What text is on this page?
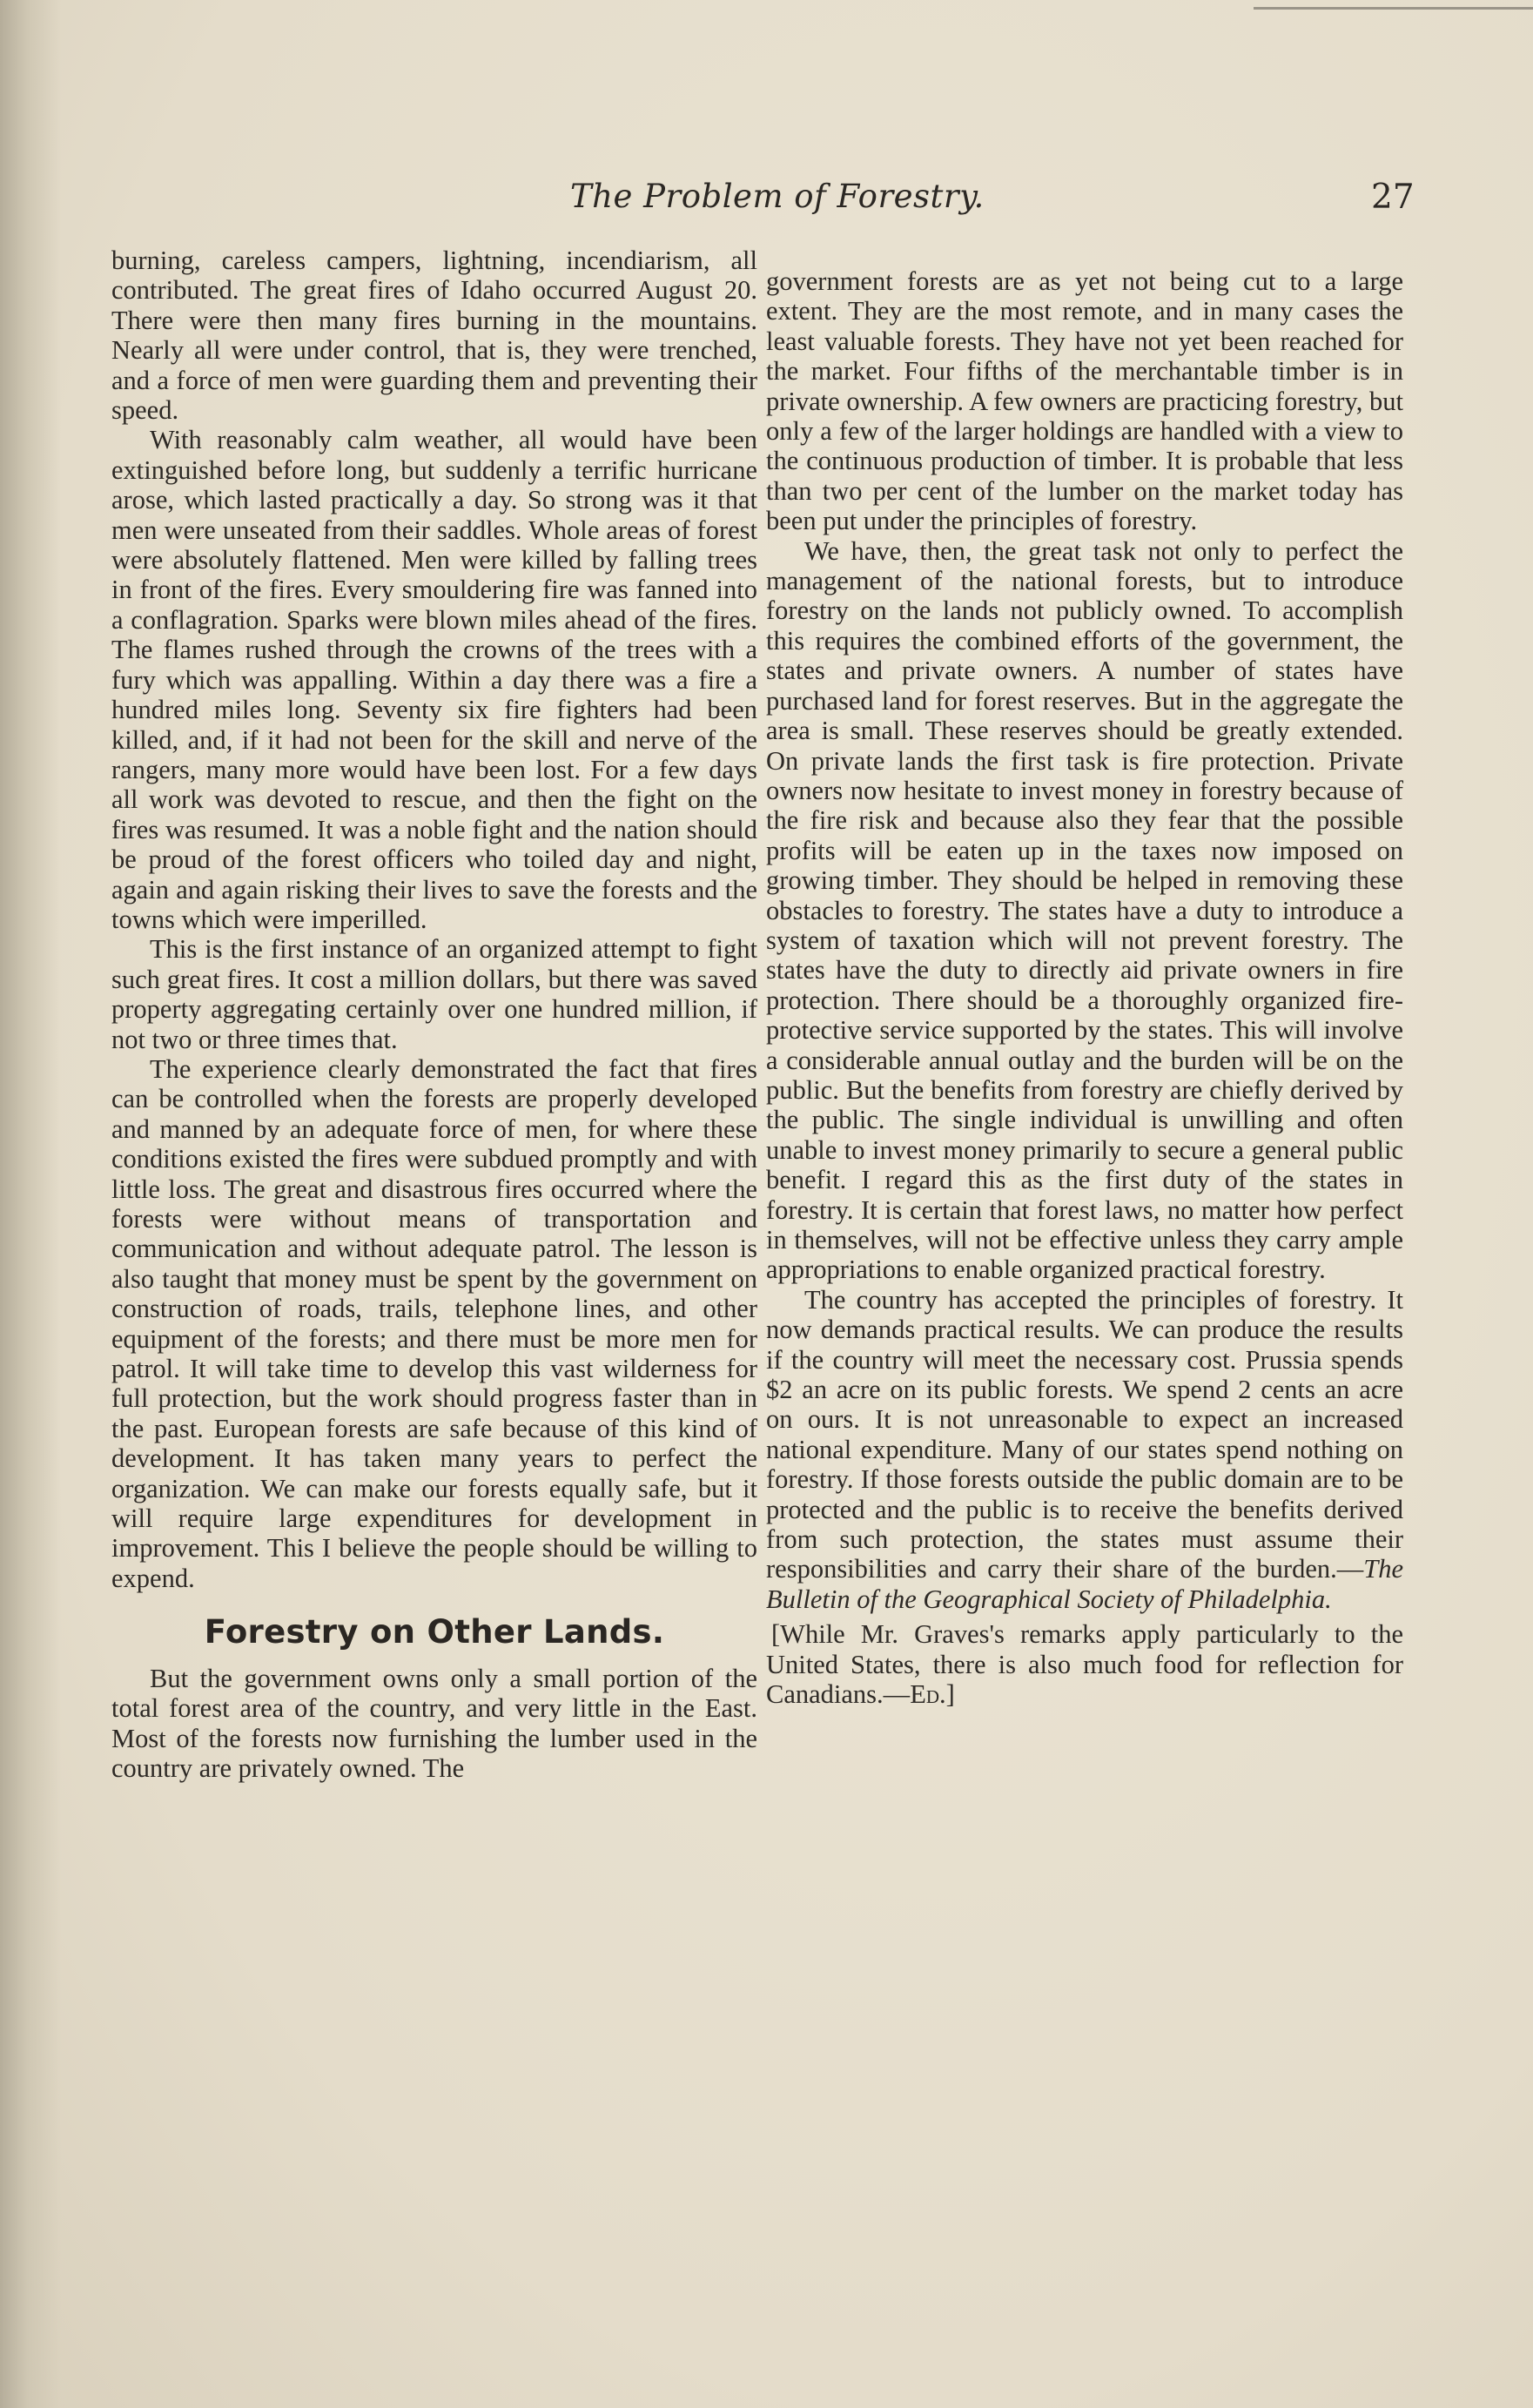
The Problem of Forestry.	27

burning, careless campers, lightning, incendiarism, all contributed. The great fires of Idaho occurred August 20. There were then many fires burning in the mountains. Nearly all were under control, that is, they were trenched, and a force of men were guarding them and preventing their speed.

With reasonably calm weather, all would have been extinguished before long, but suddenly a terrific hurricane arose, which lasted practically a day. So strong was it that men were unseated from their saddles. Whole areas of forest were absolutely flattened. Men were killed by falling trees in front of the fires. Every smouldering fire was fanned into a conflagration. Sparks were blown miles ahead of the fires. The flames rushed through the crowns of the trees with a fury which was appalling. Within a day there was a fire a hundred miles long. Seventy six fire fighters had been killed, and, if it had not been for the skill and nerve of the rangers, many more would have been lost. For a few days all work was devoted to rescue, and then the fight on the fires was resumed. It was a noble fight and the nation should be proud of the forest officers who toiled day and night, again and again risking their lives to save the forests and the towns which were imperilled.

This is the first instance of an organized attempt to fight such great fires. It cost a million dollars, but there was saved property aggregating certainly over one hundred million, if not two or three times that.

The experience clearly demonstrated the fact that fires can be controlled when the forests are properly developed and manned by an adequate force of men, for where these conditions existed the fires were subdued promptly and with little loss. The great and disastrous fires occurred where the forests were without means of transportation and communication and without adequate patrol. The lesson is also taught that money must be spent by the government on construction of roads, trails, telephone lines, and other equipment of the forests; and there must be more men for patrol. It will take time to develop this vast wilderness for full protection, but the work should progress faster than in the past. European forests are safe because of this kind of development. It has taken many years to perfect the organization. We can make our forests equally safe, but it will require large expenditures for development in improvement. This I believe the people should be willing to expend.

Forestry on Other Lands.

But the government owns only a small portion of the total forest area of the country, and very little in the East. Most of the forests now furnishing the lumber used in the country are privately owned. The

government forests are as yet not being cut to a large extent. They are the most remote, and in many cases the least valuable forests. They have not yet been reached for the market. Four fifths of the merchantable timber is in private ownership. A few owners are practicing forestry, but only a few of the larger holdings are handled with a view to the continuous production of timber. It is probable that less than two per cent of the lumber on the market today has been put under the principles of forestry.

We have, then, the great task not only to perfect the management of the national forests, but to introduce forestry on the lands not publicly owned. To accomplish this requires the combined efforts of the government, the states and private owners. A number of states have purchased land for forest reserves. But in the aggregate the area is small. These reserves should be greatly extended. On private lands the first task is fire protection. Private owners now hesitate to invest money in forestry because of the fire risk and because also they fear that the possible profits will be eaten up in the taxes now imposed on growing timber. They should be helped in removing these obstacles to forestry. The states have a duty to introduce a system of taxation which will not prevent forestry. The states have the duty to directly aid private owners in fire protection. There should be a thoroughly organized fire-protective service supported by the states. This will involve a considerable annual outlay and the burden will be on the public. But the benefits from forestry are chiefly derived by the public. The single individual is unwilling and often unable to invest money primarily to secure a general public benefit. I regard this as the first duty of the states in forestry. It is certain that forest laws, no matter how perfect in themselves, will not be effective unless they carry ample appropriations to enable organized practical forestry.

The country has accepted the principles of forestry. It now demands practical results. We can produce the results if the country will meet the necessary cost. Prussia spends $2 an acre on its public forests. We spend 2 cents an acre on ours. It is not unreasonable to expect an increased national expenditure. Many of our states spend nothing on forestry. If those forests outside the public domain are to be protected and the public is to receive the benefits derived from such protection, the states must assume their responsibilities and carry their share of the burden.—The Bulletin of the Geographical Society of Philadelphia.

[While Mr. Graves's remarks apply particularly to the United States, there is also much food for reflection for Canadians.—Ed.]
